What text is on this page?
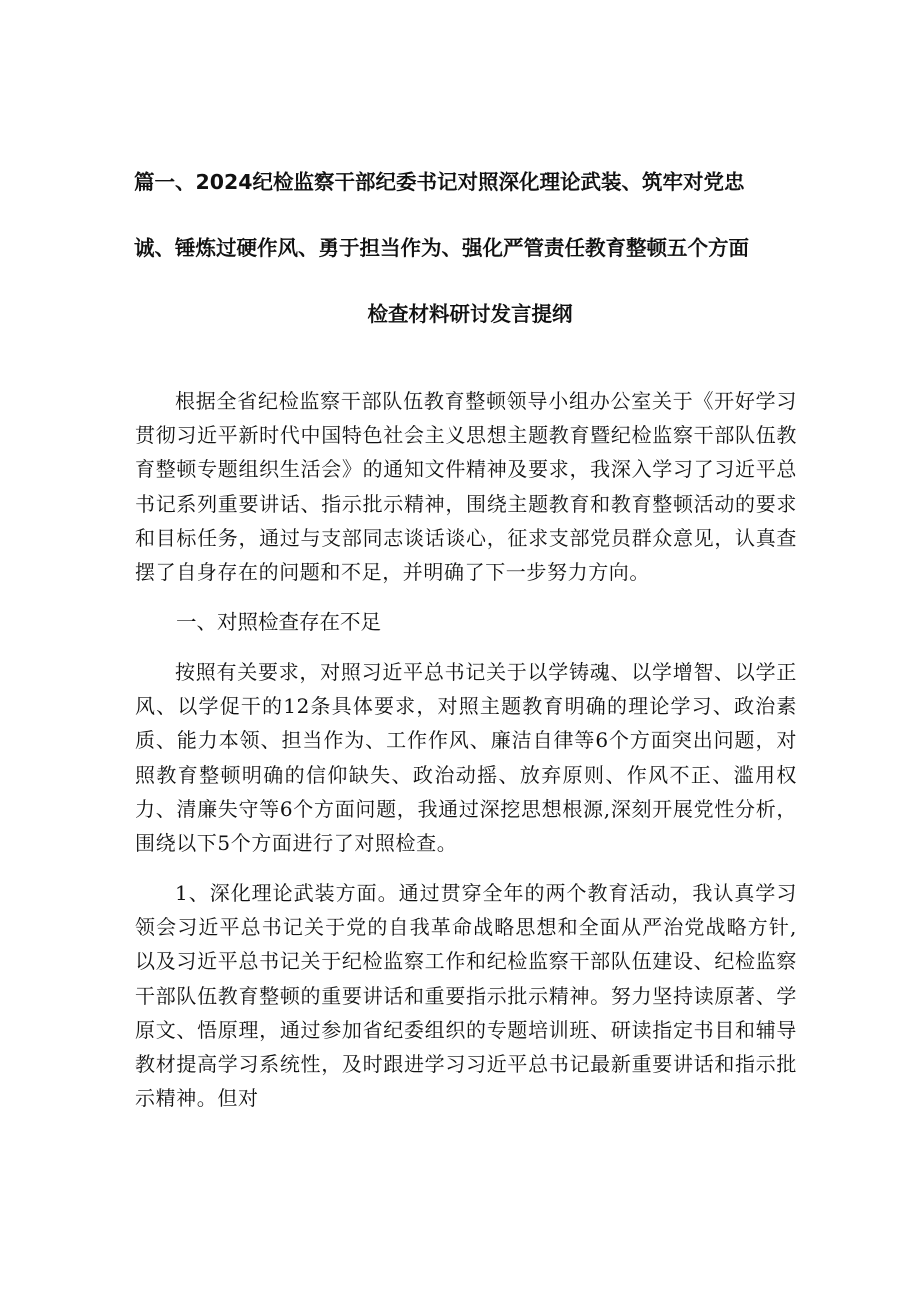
篇一、2024纪检监察干部纪委书记对照深化理论武装、筑牢对党忠
诚、锤炼过硬作风、勇于担当作为、强化严管责任教育整顿五个方面
检查材料研讨发言提纲

根据全省纪检监察干部队伍教育整顿领导小组办公室关于《开好学习贯彻习近平新时代中国特色社会主义思想主题教育暨纪检监察干部队伍教育整顿专题组织生活会》的通知文件精神及要求，我深入学习了习近平总书记系列重要讲话、指示批示精神，围绕主题教育和教育整顿活动的要求和目标任务，通过与支部同志谈话谈心，征求支部党员群众意见，认真查摆了自身存在的问题和不足，并明确了下一步努力方向。

一、对照检查存在不足

按照有关要求，对照习近平总书记关于以学铸魂、以学增智、以学正风、以学促干的12条具体要求，对照主题教育明确的理论学习、政治素质、能力本领、担当作为、工作作风、廉洁自律等6个方面突出问题，对照教育整顿明确的信仰缺失、政治动摇、放弃原则、作风不正、滥用权力、清廉失守等6个方面问题，我通过深挖思想根源,深刻开展党性分析，围绕以下5个方面进行了对照检查。

1、深化理论武装方面。通过贯穿全年的两个教育活动，我认真学习领会习近平总书记关于党的自我革命战略思想和全面从严治党战略方针,以及习近平总书记关于纪检监察工作和纪检监察干部队伍建设、纪检监察干部队伍教育整顿的重要讲话和重要指示批示精神。努力坚持读原著、学原文、悟原理，通过参加省纪委组织的专题培训班、研读指定书目和辅导教材提高学习系统性，及时跟进学习习近平总书记最新重要讲话和指示批示精神。但对
